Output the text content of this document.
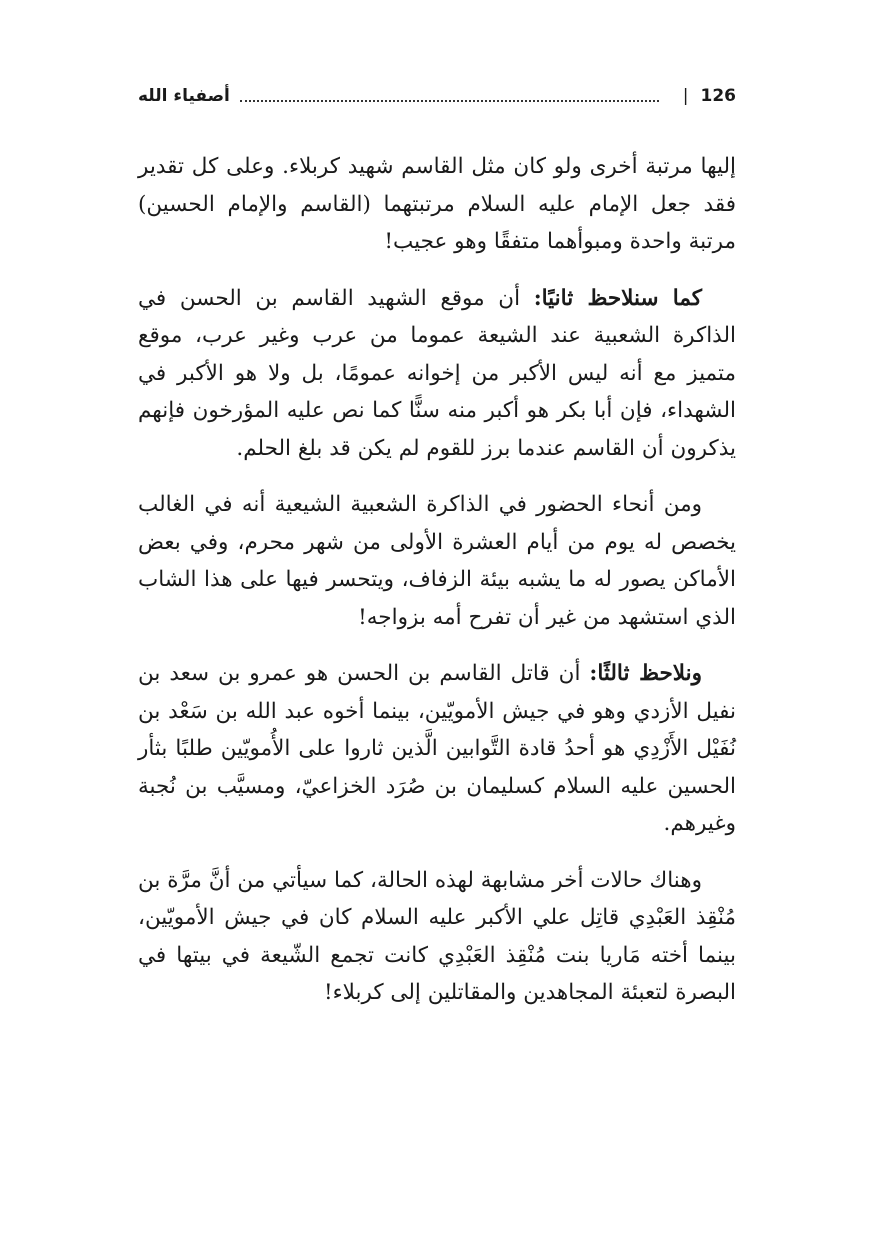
126
|
أصفياء الله

إليها مرتبة أخرى ولو كان مثل القاسم شهيد كربلاء. وعلى كل تقدير فقد جعل الإمام عليه السلام مرتبتهما (القاسم والإمام الحسين) مرتبة واحدة ومبوأهما متفقًا وهو عجيب!

كما سنلاحظ ثانيًا: أن موقع الشهيد القاسم بن الحسن في الذاكرة الشعبية عند الشيعة عموما من عرب وغير عرب، موقع متميز مع أنه ليس الأكبر من إخوانه عمومًا، بل ولا هو الأكبر في الشهداء، فإن أبا بكر هو أكبر منه سنًّا كما نص عليه المؤرخون فإنهم يذكرون أن القاسم عندما برز للقوم لم يكن قد بلغ الحلم.

ومن أنحاء الحضور في الذاكرة الشعبية الشيعية أنه في الغالب يخصص له يوم من أيام العشرة الأولى من شهر محرم، وفي بعض الأماكن يصور له ما يشبه بيئة الزفاف، ويتحسر فيها على هذا الشاب الذي استشهد من غير أن تفرح أمه بزواجه!

ونلاحظ ثالثًا: أن قاتل القاسم بن الحسن هو عمرو بن سعد بن نفيل الأزدي وهو في جيش الأمويّين، بينما أخوه عبد الله بن سَعْد بن نُفَيْل الأَزْدِي هو أحدُ قادة التَّوابين الَّذين ثاروا على الأُمويّين طلبًا بثأر الحسين عليه السلام كسليمان بن صُرَد الخزاعيّ، ومسيَّب بن نُجبة وغيرهم.

وهناك حالات أخر مشابهة لهذه الحالة، كما سيأتي من أنَّ مرَّة بن مُنْقِذ العَبْدِي قاتِل علي الأكبر عليه السلام كان في جيش الأمويّين، بينما أخته مَاريا بنت مُنْقِذ العَبْدِي كانت تجمع الشّيعة في بيتها في البصرة لتعبئة المجاهدين والمقاتلين إلى كربلاء!
